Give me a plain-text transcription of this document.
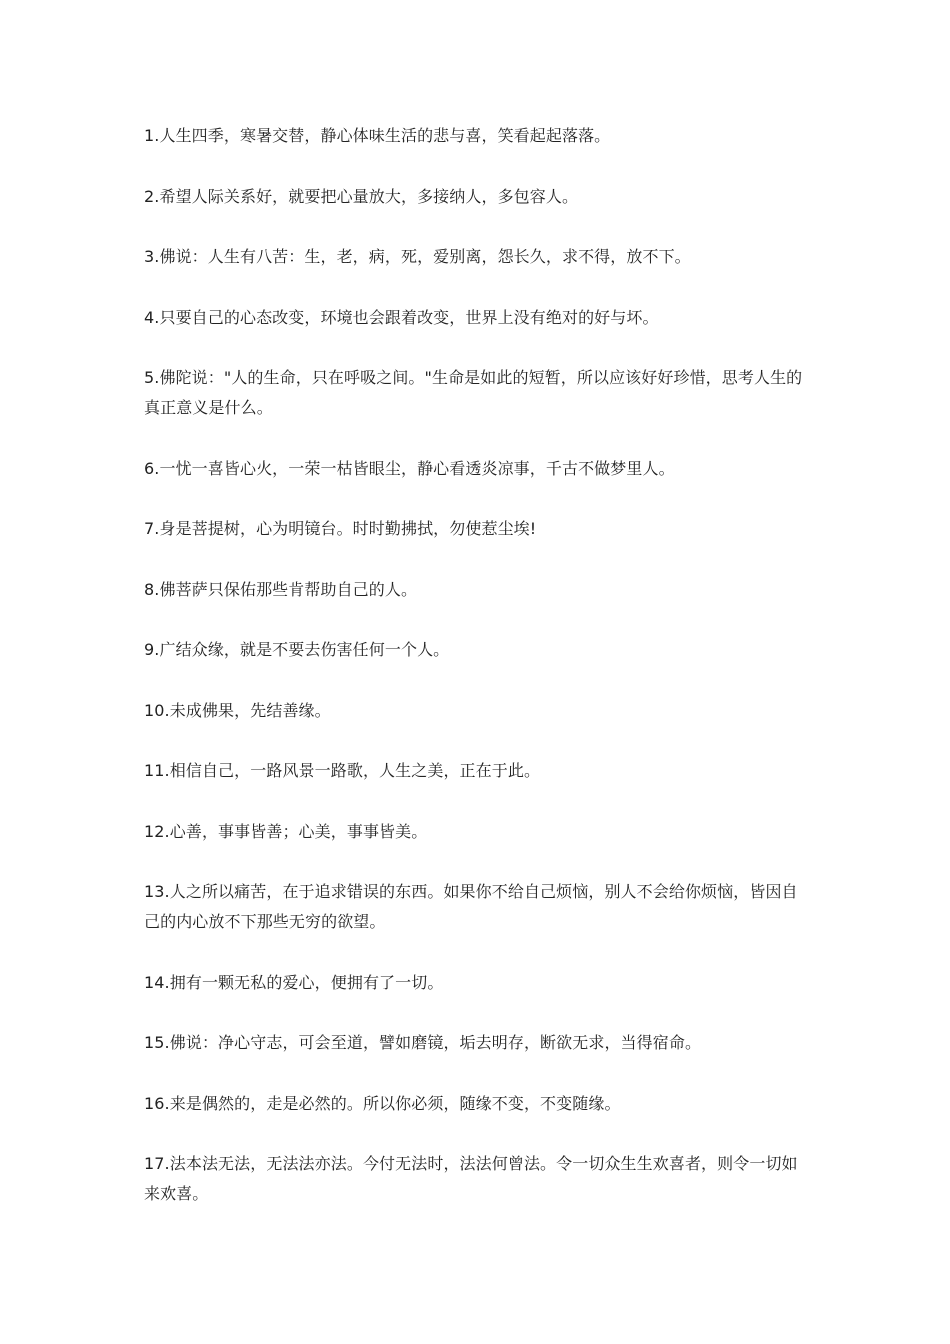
1.人生四季，寒暑交替，静心体味生活的悲与喜，笑看起起落落。

2.希望人际关系好，就要把心量放大，多接纳人，多包容人。

3.佛说：人生有八苦：生，老，病，死，爱别离，怨长久，求不得，放不下。

4.只要自己的心态改变，环境也会跟着改变，世界上没有绝对的好与坏。

5.佛陀说："人的生命，只在呼吸之间。"生命是如此的短暂，所以应该好好珍惜，思考人生的真正意义是什么。

6.一忧一喜皆心火，一荣一枯皆眼尘，静心看透炎凉事，千古不做梦里人。

7.身是菩提树，心为明镜台。时时勤拂拭，勿使惹尘埃!

8.佛菩萨只保佑那些肯帮助自己的人。

9.广结众缘，就是不要去伤害任何一个人。

10.未成佛果，先结善缘。

11.相信自己，一路风景一路歌，人生之美，正在于此。

12.心善，事事皆善；心美，事事皆美。

13.人之所以痛苦，在于追求错误的东西。如果你不给自己烦恼，别人不会给你烦恼，皆因自己的内心放不下那些无穷的欲望。

14.拥有一颗无私的爱心，便拥有了一切。

15.佛说：净心守志，可会至道，譬如磨镜，垢去明存，断欲无求，当得宿命。

16.来是偶然的，走是必然的。所以你必须，随缘不变，不变随缘。

17.法本法无法，无法法亦法。今付无法时，法法何曾法。令一切众生生欢喜者，则令一切如来欢喜。
